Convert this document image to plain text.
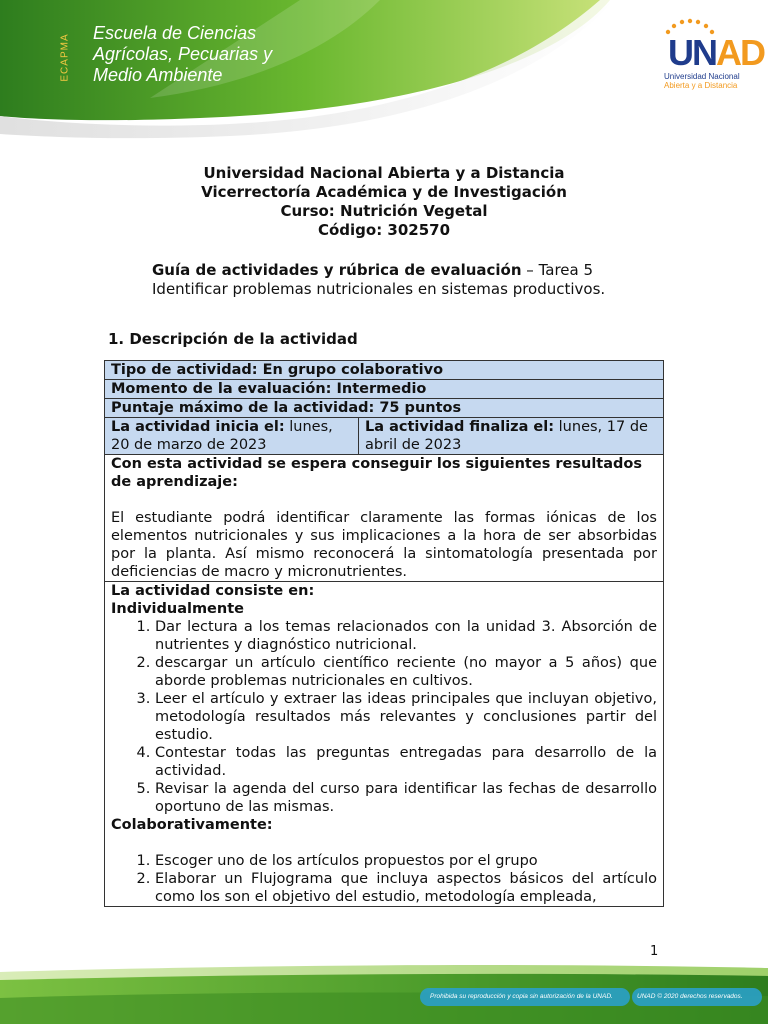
ECAPMA
Escuela de Ciencias
Agrícolas, Pecuarias y
Medio Ambiente
UNAD
Universidad Nacional
Abierta y a Distancia
Universidad Nacional Abierta y a Distancia
Vicerrectoría Académica y de Investigación
Curso: Nutrición Vegetal
Código: 302570
Guía de actividades y rúbrica de evaluación – Tarea 5
Identificar problemas nutricionales en sistemas productivos.
1. Descripción de la actividad
Tipo de actividad: En grupo colaborativo
Momento de la evaluación: Intermedio
Puntaje máximo de la actividad: 75 puntos
La actividad inicia el: lunes, 20 de marzo de 2023	La actividad finaliza el: lunes, 17 de abril de 2023

Con esta actividad se espera conseguir los siguientes resultados de aprendizaje:
El estudiante podrá identificar claramente las formas iónicas de los elementos nutricionales y sus implicaciones a la hora de ser absorbidas por la planta. Así mismo reconocerá la sintomatología presentada por deficiencias de macro y micronutrientes.

La actividad consiste en:
Individualmente
1. Dar lectura a los temas relacionados con la unidad 3. Absorción de nutrientes y diagnóstico nutricional.
2. descargar un artículo científico reciente (no mayor a 5 años) que aborde problemas nutricionales en cultivos.
3. Leer el artículo y extraer las ideas principales que incluyan objetivo, metodología resultados más relevantes y conclusiones partir del estudio.
4. Contestar todas las preguntas entregadas para desarrollo de la actividad.
5. Revisar la agenda del curso para identificar las fechas de desarrollo oportuno de las mismas.
Colaborativamente:
1. Escoger uno de los artículos propuestos por el grupo
2. Elaborar un Flujograma que incluya aspectos básicos del artículo como los son el objetivo del estudio, metodología empleada,
1
Prohibida su reproducción y copia sin autorización de la UNAD.	UNAD © 2020 derechos reservados.
